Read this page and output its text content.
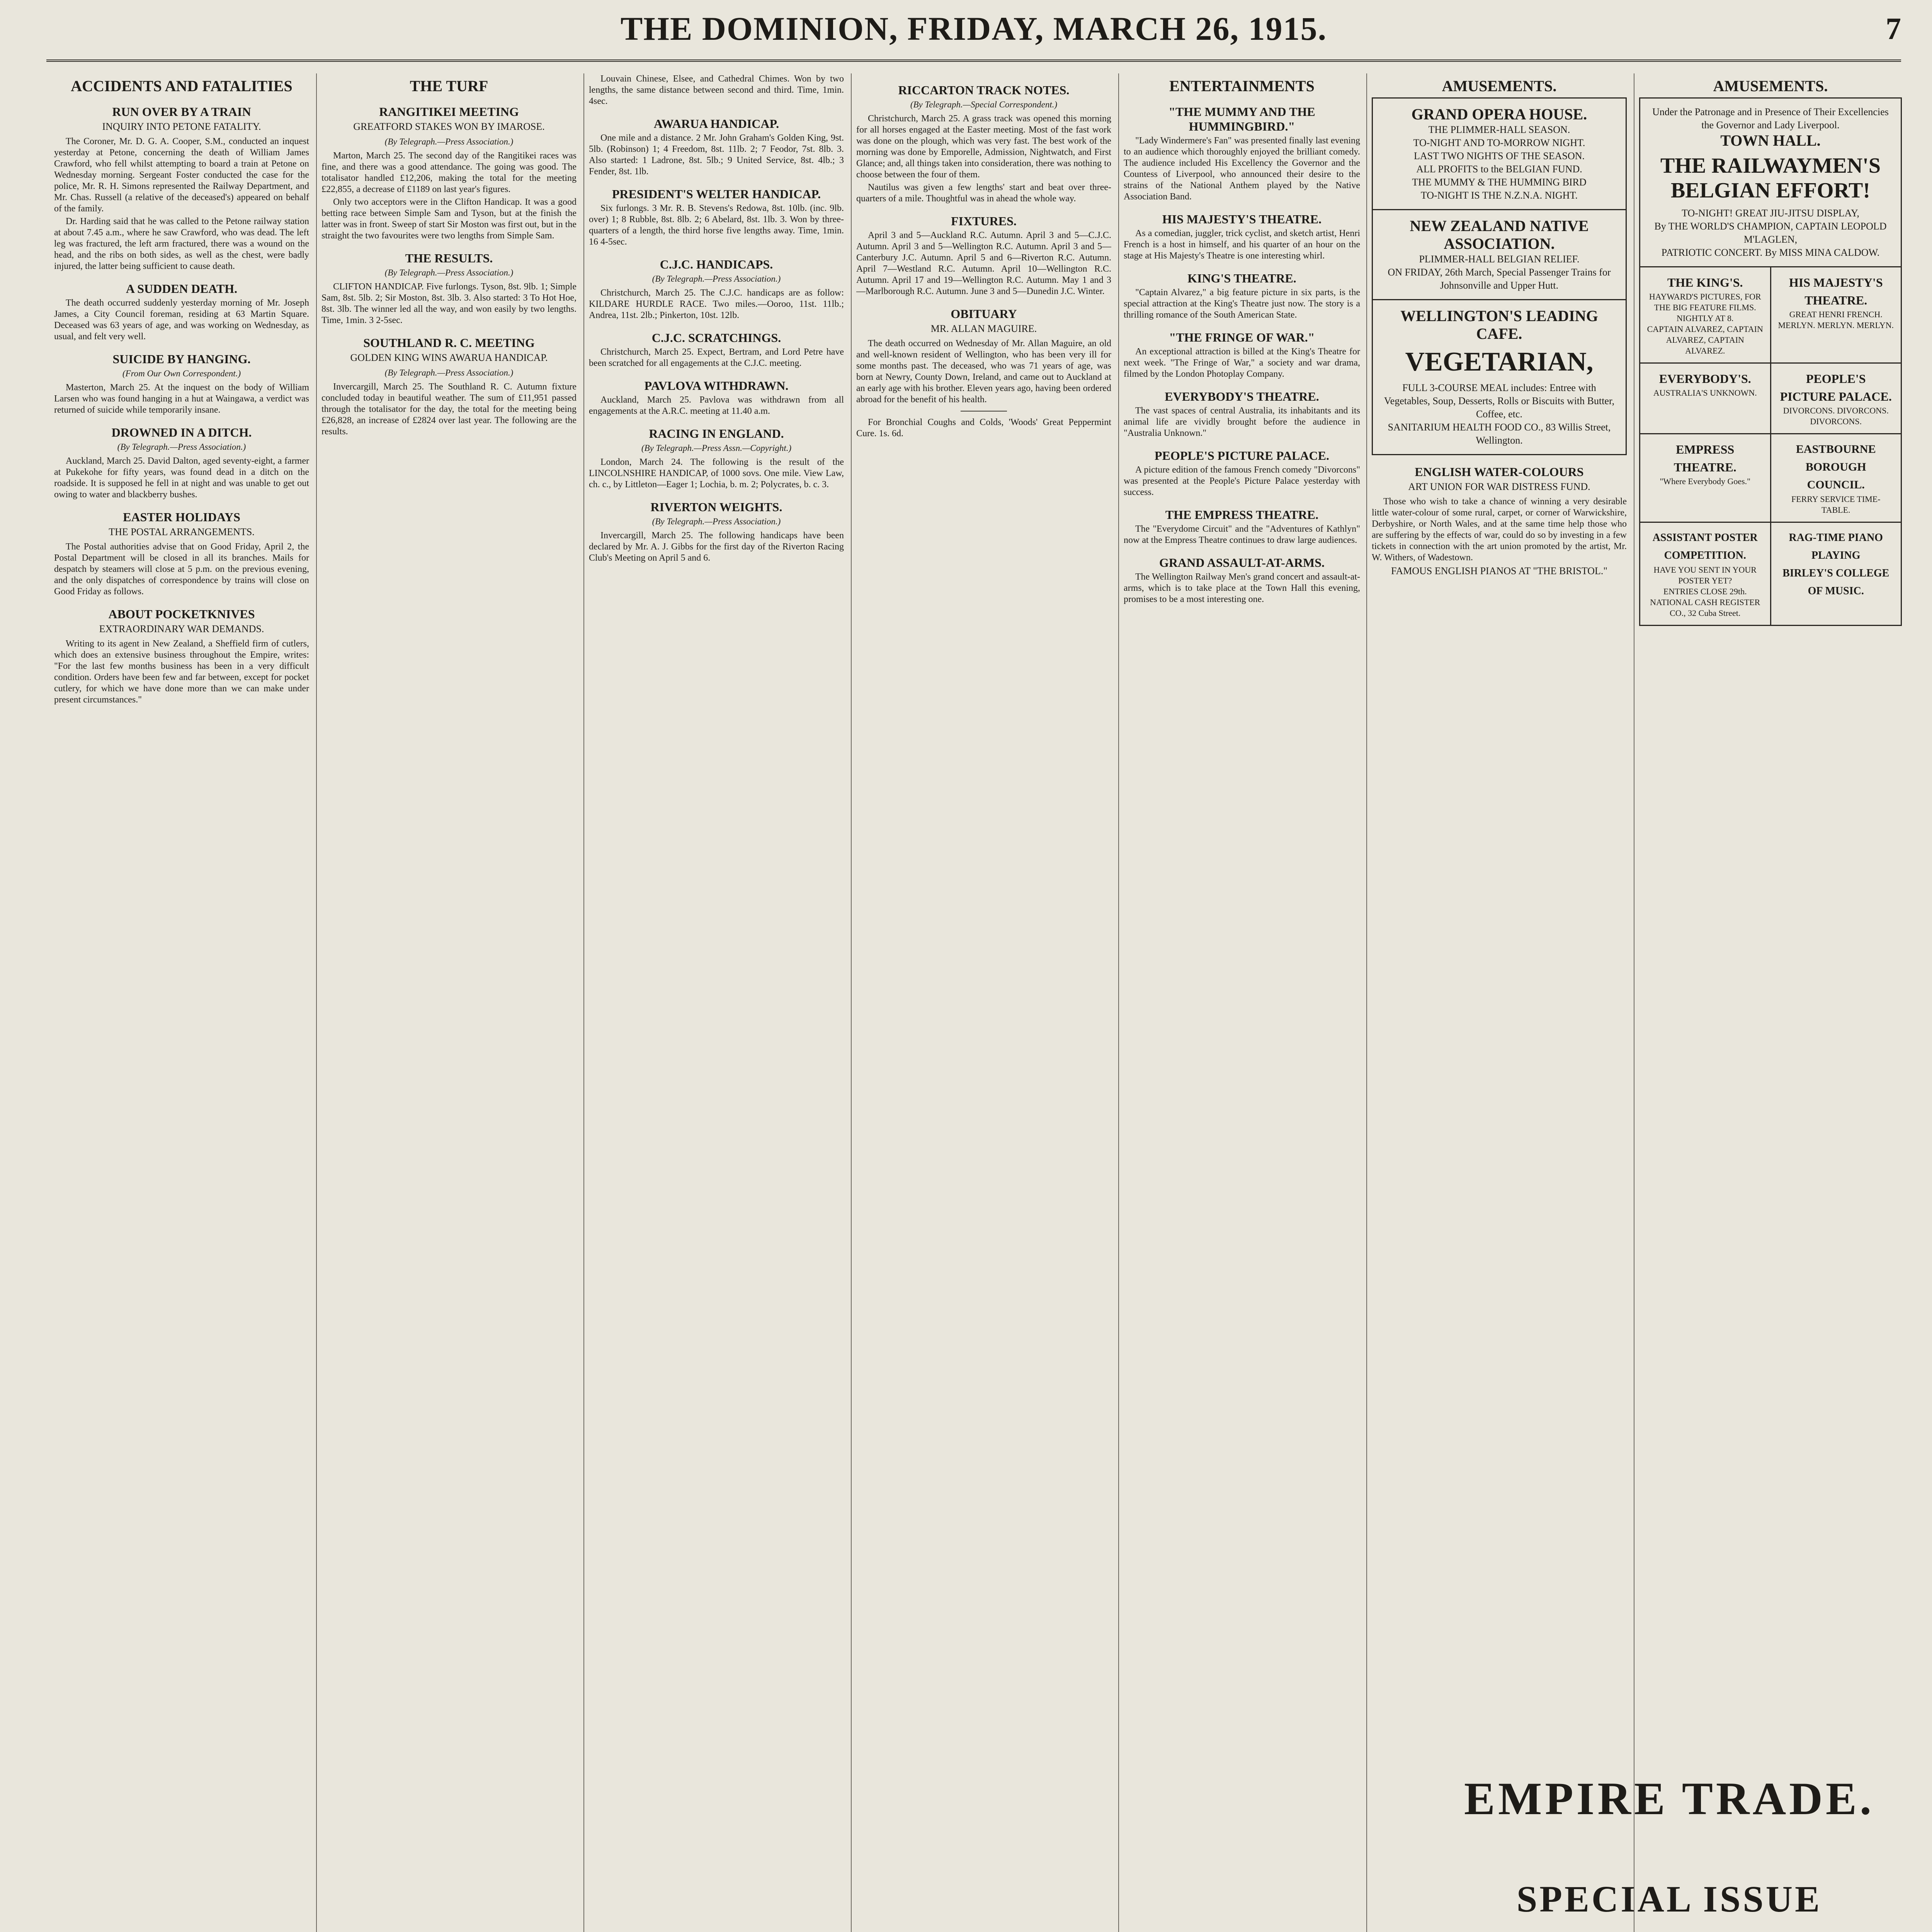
THE DOMINION, FRIDAY, MARCH 26, 1915.	7
ACCIDENTS AND FATALITIES
RUN OVER BY A TRAIN
INQUIRY INTO PETONE FATALITY.

The Coroner, Mr. D. G. A. Cooper, S.M., conducted an inquest yesterday at Petone, concerning the death of William James Crawford, who fell whilst attempting to board a train at Petone on Wednesday morning. Sergeant Foster conducted the case for the police, Mr. R. H. Simons represented the Railway Department, and Mr. Chas. Russell (a relative of the deceased's) appeared on behalf of the family.

Dr. Harding said that he was called to the Petone railway station at about 7.45 a.m., where he saw Crawford, who was dead. The left leg was fractured, the left arm fractured, there was a wound on the head, and the ribs on both sides, as well as the chest, were badly injured, the latter being sufficient to cause death.

A SUDDEN DEATH.

The death occurred suddenly yesterday morning of Mr. Joseph James, a City Council foreman, residing at 63 Martin Square. Deceased was 63 years of age, and was working on Wednesday, as usual, and felt very well.

SUICIDE BY HANGING.
(From Our Own Correspondent.)

Masterton, March 25. At the inquest on the body of William Larsen who was found hanging in a hut at Waingawa, a verdict was returned of suicide while temporarily insane.

DROWNED IN A DITCH.
(By Telegraph.—Press Association.)

Auckland, March 25. David Dalton, aged seventy-eight, a farmer at Pukekohe for fifty years, was found dead in a ditch on the roadside. It is supposed he fell in at night and was unable to get out owing to water and blackberry bushes.

EASTER HOLIDAYS
THE POSTAL ARRANGEMENTS.

The Postal authorities advise that on Good Friday, April 2, the Postal Department will be closed in all its branches. Mails for despatch by steamers will close at 5 p.m. on the previous evening, and the only dispatches of correspondence by trains will close on Good Friday as follows.

ABOUT POCKETKNIVES
EXTRAORDINARY WAR DEMANDS.

Writing to its agent in New Zealand, a Sheffield firm of cutlers, which does an extensive business throughout the Empire, writes: "For the last few months business has been in a very difficult condition. Orders have been few and far between, except for pocket cutlery, for which we have done more than we can make under present circumstances."

THE TURF
RANGITIKEI MEETING
GREATFORD STAKES WON BY IMAROSE.
(By Telegraph.—Press Association.)

Marton, March 25. The second day of the Rangitikei races was fine, and there was a good attendance. The going was good. The totalisator handled £12,206, making the total for the meeting £22,855, a decrease of £1189 on last year's figures.

Only two acceptors were in the Clifton Handicap. It was a good betting race between Simple Sam and Tyson, but at the finish the latter was in front. Sweep of start Sir Moston was first out, but in the straight the two favourites were two lengths from Simple Sam.

THE RESULTS.
(By Telegraph.—Press Association.)

CLIFTON HANDICAP. Five furlongs. Tyson, 8st. 9lb. 1; Simple Sam, 8st. 5lb. 2; Sir Moston, 8st. 3lb. 3. Also started: 3 To Hot Hoe, 8st. 3lb. The winner led all the way, and won easily by two lengths. Time, 1min. 3 2-5sec.

SOUTHLAND R. C. MEETING
GOLDEN KING WINS AWARUA HANDICAP.
(By Telegraph.—Press Association.)

Invercargill, March 25. The Southland R. C. Autumn fixture concluded today in beautiful weather. The sum of £11,951 passed through the totalisator for the day, the total for the meeting being £26,828, an increase of £2824 over last year. The following are the results.

Louvain Chinese, Elsee, and Cathedral Chimes. Won by two lengths, the same distance between second and third. Time, 1min. 4sec.

AWARUA HANDICAP.

One mile and a distance. 2 Mr. John Graham's Golden King, 9st. 5lb. (Robinson) 1; 4 Freedom, 8st. 11lb. 2; 7 Feodor, 7st. 8lb. 3. Also started: 1 Ladrone, 8st. 5lb.; 9 United Service, 8st. 4lb.; 3 Fender, 8st. 1lb.

PRESIDENT'S WELTER HANDICAP.

Six furlongs. 3 Mr. R. B. Stevens's Redowa, 8st. 10lb. (inc. 9lb. over) 1; 8 Rubble, 8st. 8lb. 2; 6 Abelard, 8st. 1lb. 3. Won by three-quarters of a length, the third horse five lengths away. Time, 1min. 16 4-5sec.

C.J.C. HANDICAPS.
(By Telegraph.—Press Association.)

Christchurch, March 25. The C.J.C. handicaps are as follow: KILDARE HURDLE RACE. Two miles.—Ooroo, 11st. 11lb.; Andrea, 11st. 2lb.; Pinkerton, 10st. 12lb.

C.J.C. SCRATCHINGS.

Christchurch, March 25. Expect, Bertram, and Lord Petre have been scratched for all engagements at the C.J.C. meeting.

PAVLOVA WITHDRAWN.

Auckland, March 25. Pavlova was withdrawn from all engagements at the A.R.C. meeting at 11.40 a.m.

RACING IN ENGLAND.
(By Telegraph.—Press Assn.—Copyright.)

London, March 24. The following is the result of the LINCOLNSHIRE HANDICAP, of 1000 sovs. One mile. View Law, ch. c., by Littleton—Eager 1; Lochia, b. m. 2; Polycrates, b. c. 3.

RIVERTON WEIGHTS.
(By Telegraph.—Press Association.)

Invercargill, March 25. The following handicaps have been declared by Mr. A. J. Gibbs for the first day of the Riverton Racing Club's Meeting on April 5 and 6.

RICCARTON TRACK NOTES.
(By Telegraph.—Special Correspondent.)

Christchurch, March 25. A grass track was opened this morning for all horses engaged at the Easter meeting. Most of the fast work was done on the plough, which was very fast. The best work of the morning was done by Emporelle, Admission, Nightwatch, and First Glance; and, all things taken into consideration, there was nothing to choose between the four of them.

Nautilus was given a few lengths' start and beat over three-quarters of a mile. Thoughtful was in ahead the whole way.

FIXTURES.

April 3 and 5—Auckland R.C. Autumn. April 3 and 5—C.J.C. Autumn. April 3 and 5—Wellington R.C. Autumn. April 3 and 5—Canterbury J.C. Autumn. April 5 and 6—Riverton R.C. Autumn. April 7—Westland R.C. Autumn. April 10—Wellington R.C. Autumn. April 17 and 19—Wellington R.C. Autumn. May 1 and 3—Marlborough R.C. Autumn. June 3 and 5—Dunedin J.C. Winter.

OBITUARY
MR. ALLAN MAGUIRE.

The death occurred on Wednesday of Mr. Allan Maguire, an old and well-known resident of Wellington, who has been very ill for some months past. The deceased, who was 71 years of age, was born at Newry, County Down, Ireland, and came out to Auckland at an early age with his brother. Eleven years ago, having been ordered abroad for the benefit of his health.

For Bronchial Coughs and Colds, 'Woods' Great Peppermint Cure. 1s. 6d.

ENTERTAINMENTS
"THE MUMMY AND THE HUMMINGBIRD."

"Lady Windermere's Fan" was presented finally last evening to an audience which thoroughly enjoyed the brilliant comedy. The audience included His Excellency the Governor and the Countess of Liverpool, who announced their desire to the strains of the National Anthem played by the Native Association Band.

HIS MAJESTY'S THEATRE.

As a comedian, juggler, trick cyclist, and sketch artist, Henri French is a host in himself, and his quarter of an hour on the stage at His Majesty's Theatre is one interesting whirl.

KING'S THEATRE.

"Captain Alvarez," a big feature picture in six parts, is the special attraction at the King's Theatre just now. The story is a thrilling romance of the South American State.

"THE FRINGE OF WAR."

An exceptional attraction is billed at the King's Theatre for next week. "The Fringe of War," a society and war drama, filmed by the London Photoplay Company.

EVERYBODY'S THEATRE.

The vast spaces of central Australia, its inhabitants and its animal life are vividly brought before the audience in "Australia Unknown."

PEOPLE'S PICTURE PALACE.

A picture edition of the famous French comedy "Divorcons" was presented at the People's Picture Palace yesterday with success.

THE EMPRESS THEATRE.

The "Everydome Circuit" and the "Adventures of Kathlyn" now at the Empress Theatre continues to draw large audiences.

GRAND ASSAULT-AT-ARMS.

The Wellington Railway Men's grand concert and assault-at-arms, which is to take place at the Town Hall this evening, promises to be a most interesting one.

AMUSEMENTS.
GRAND OPERA HOUSE.
THE PLIMMER-HALL SEASON.
TO-NIGHT AND TO-MORROW NIGHT.
LAST TWO NIGHTS OF THE SEASON.
ALL PROFITS to the BELGIAN FUND.
THE MUMMY & THE HUMMING BIRD
TO-NIGHT IS THE N.Z.N.A. NIGHT.
NEW ZEALAND NATIVE ASSOCIATION.
PLIMMER-HALL BELGIAN RELIEF.
ON FRIDAY, 26th March, Special Passenger Trains for Johnsonville and Upper Hutt.
WELLINGTON'S LEADING CAFE.
VEGETARIAN,
FULL 3-COURSE MEAL includes: Entree with Vegetables, Soup, Desserts, Rolls or Biscuits with Butter, Coffee, etc.
SANITARIUM HEALTH FOOD CO., 83 Willis Street, Wellington.
ENGLISH WATER-COLOURS
ART UNION FOR WAR DISTRESS FUND.

Those who wish to take a chance of winning a very desirable little water-colour of some rural, carpet, or corner of Warwickshire, Derbyshire, or North Wales, and at the same time help those who are suffering by the effects of war, could do so by investing in a few tickets in connection with the art union promoted by the artist, Mr. W. Withers, of Wadestown.

FAMOUS ENGLISH PIANOS AT "THE BRISTOL."
AMUSEMENTS.
Under the Patronage and in Presence of Their Excellencies the Governor and Lady Liverpool.
TOWN HALL.
THE RAILWAYMEN'S BELGIAN EFFORT!
TO-NIGHT! GREAT JIU-JITSU DISPLAY,
By THE WORLD'S CHAMPION, CAPTAIN LEOPOLD M'LAGLEN,
PATRIOTIC CONCERT. By MISS MINA CALDOW.
THE KING'S.
HAYWARD'S PICTURES, FOR THE BIG FEATURE FILMS. NIGHTLY AT 8.
CAPTAIN ALVAREZ, CAPTAIN ALVAREZ, CAPTAIN ALVAREZ.
HIS MAJESTY'S THEATRE.
GREAT HENRI FRENCH.
MERLYN. MERLYN. MERLYN.
EVERYBODY'S.
AUSTRALIA'S UNKNOWN.
PEOPLE'S PICTURE PALACE.
DIVORCONS. DIVORCONS. DIVORCONS.
EMPRESS THEATRE.
"Where Everybody Goes."
EASTBOURNE BOROUGH COUNCIL.
FERRY SERVICE TIME-TABLE.
ASSISTANT POSTER COMPETITION.
HAVE YOU SENT IN YOUR POSTER YET?
ENTRIES CLOSE 29th.
NATIONAL CASH REGISTER CO., 32 Cuba Street.
RAG-TIME PIANO PLAYING
BIRLEY'S COLLEGE OF MUSIC.
EMPIRE TRADE.
SPECIAL ISSUE
